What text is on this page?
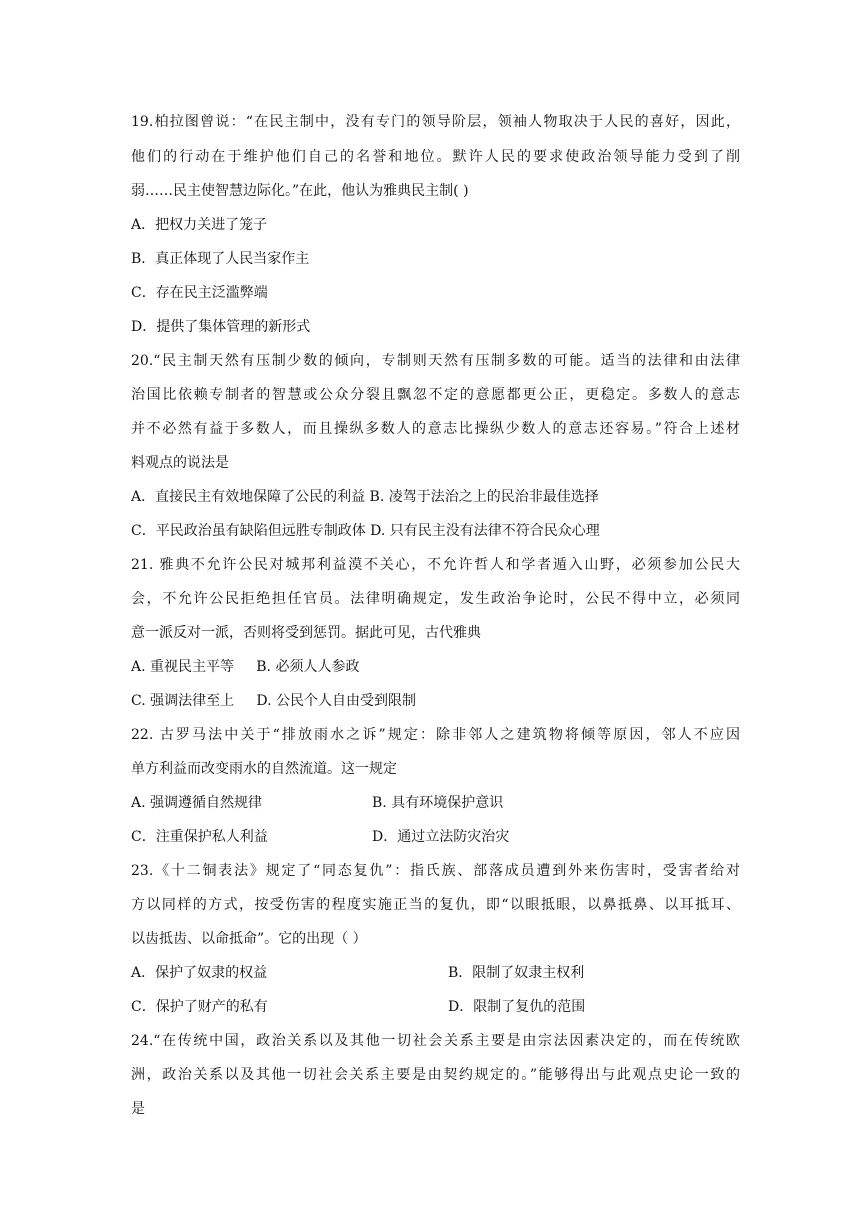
19.柏拉图曾说：“在民主制中，没有专门的领导阶层，领袖人物取决于人民的喜好，因此，
他们的行动在于维护他们自己的名誉和地位。默许人民的要求使政治领导能力受到了削
弱……民主使智慧边际化。”在此，他认为雅典民主制( )
A．把权力关进了笼子
B．真正体现了人民当家作主
C．存在民主泛滥弊端
D．提供了集体管理的新形式
20.“民主制天然有压制少数的倾向，专制则天然有压制多数的可能。适当的法律和由法律
治国比依赖专制者的智慧或公众分裂且飘忽不定的意愿都更公正，更稳定。多数人的意志
并不必然有益于多数人，而且操纵多数人的意志比操纵少数人的意志还容易。”符合上述材
料观点的说法是
A．直接民主有效地保障了公民的利益 B. 凌驾于法治之上的民治非最佳选择
C．平民政治虽有缺陷但远胜专制政体 D. 只有民主没有法律不符合民众心理
21. 雅典不允许公民对城邦利益漠不关心，不允许哲人和学者遁入山野，必须参加公民大
会，不允许公民拒绝担任官员。法律明确规定，发生政治争论时，公民不得中立，必须同
意一派反对一派，否则将受到惩罚。据此可见，古代雅典
A. 重视民主平等     B. 必须人人参政
C. 强调法律至上     D. 公民个人自由受到限制
22. 古罗马法中关于“排放雨水之诉”规定：除非邻人之建筑物将倾等原因，邻人不应因
单方利益而改变雨水的自然流道。这一规定
A. 强调遵循自然规律	B. 具有环境保护意识
C．注重保护私人利益	D．通过立法防灾治灾
23.《十二铜表法》规定了“同态复仇”：指氏族、部落成员遭到外来伤害时，受害者给对
方以同样的方式，按受伤害的程度实施正当的复仇，即“以眼抵眼，以鼻抵鼻、以耳抵耳、
以齿抵齿、以命抵命”。它的出现（ ）
A．保护了奴隶的权益	B．限制了奴隶主权利
C．保护了财产的私有	D．限制了复仇的范围
24.“在传统中国，政治关系以及其他一切社会关系主要是由宗法因素决定的，而在传统欧
洲，政治关系以及其他一切社会关系主要是由契约规定的。”能够得出与此观点史论一致的
是
